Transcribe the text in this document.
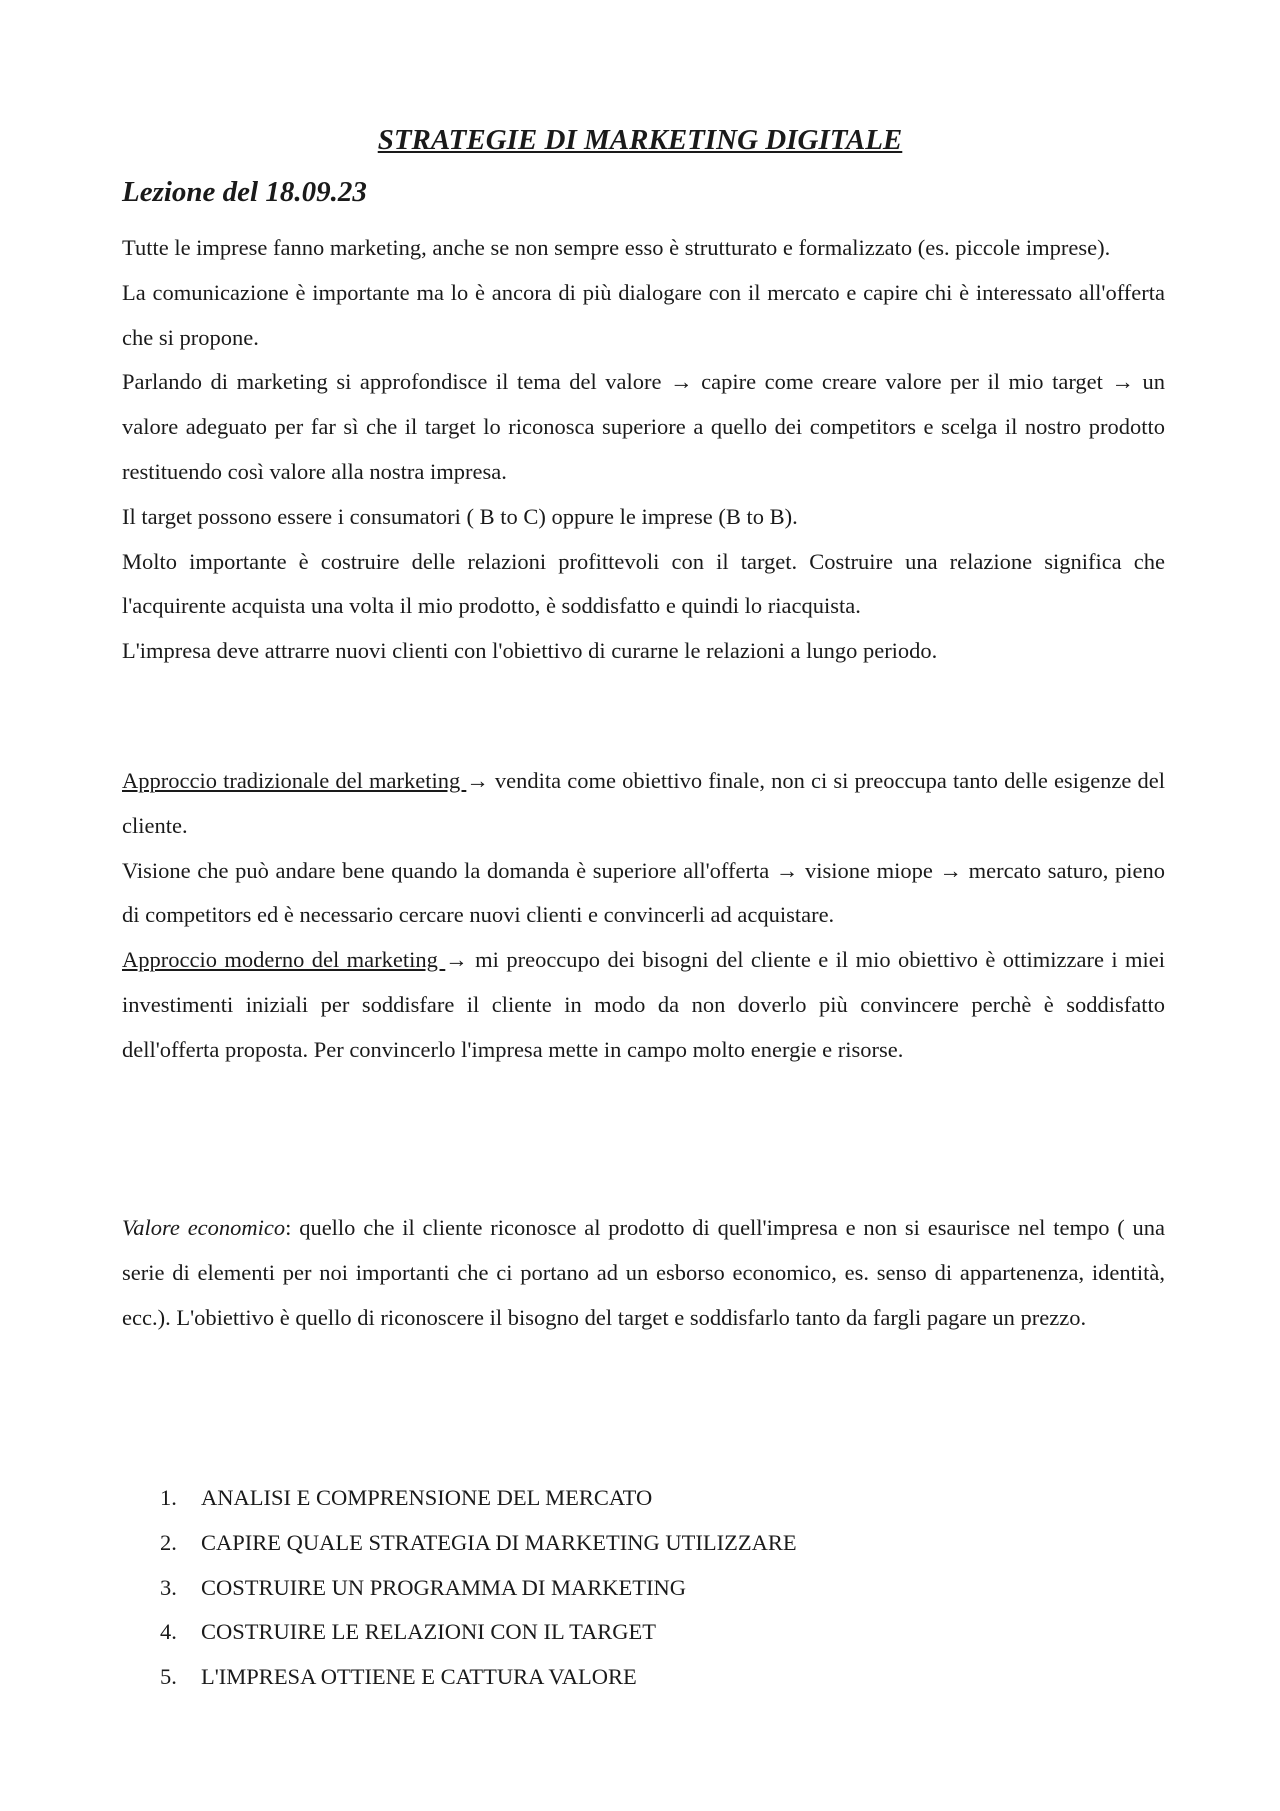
STRATEGIE DI MARKETING DIGITALE
Lezione del 18.09.23

Tutte le imprese fanno marketing, anche se non sempre esso è strutturato e formalizzato (es. piccole imprese).

La comunicazione è importante ma lo è ancora di più dialogare con il mercato e capire chi è interessato all'offerta che si propone.

Parlando di marketing si approfondisce il tema del valore → capire come creare valore per il mio target → un valore adeguato per far sì che il target lo riconosca superiore a quello dei competitors e scelga il nostro prodotto restituendo così valore alla nostra impresa.

Il target possono essere i consumatori ( B to C) oppure le imprese (B to B).

Molto importante è costruire delle relazioni profittevoli con il target. Costruire una relazione significa che l'acquirente acquista una volta il mio prodotto, è soddisfatto e quindi lo riacquista.

L'impresa deve attrarre nuovi clienti con l'obiettivo di curarne le relazioni a lungo periodo.

Approccio tradizionale del marketing → vendita come obiettivo finale, non ci si preoccupa tanto delle esigenze del cliente.

Visione che può andare bene quando la domanda è superiore all'offerta → visione miope → mercato saturo, pieno di competitors ed è necessario cercare nuovi clienti e convincerli ad acquistare.

Approccio moderno del marketing → mi preoccupo dei bisogni del cliente e il mio obiettivo è ottimizzare i miei investimenti iniziali per soddisfare il cliente in modo da non doverlo più convincere perchè è soddisfatto dell'offerta proposta. Per convincerlo l'impresa mette in campo molto energie e risorse.

Valore economico: quello che il cliente riconosce al prodotto di quell'impresa e non si esaurisce nel tempo ( una serie di elementi per noi importanti che ci portano ad un esborso economico, es. senso di appartenenza, identità, ecc.). L'obiettivo è quello di riconoscere il bisogno del target e soddisfarlo tanto da fargli pagare un prezzo.

1. ANALISI E COMPRENSIONE DEL MERCATO
2. CAPIRE QUALE STRATEGIA DI MARKETING UTILIZZARE
3. COSTRUIRE UN PROGRAMMA DI MARKETING
4. COSTRUIRE LE RELAZIONI CON IL TARGET
5. L'IMPRESA OTTIENE E CATTURA VALORE
